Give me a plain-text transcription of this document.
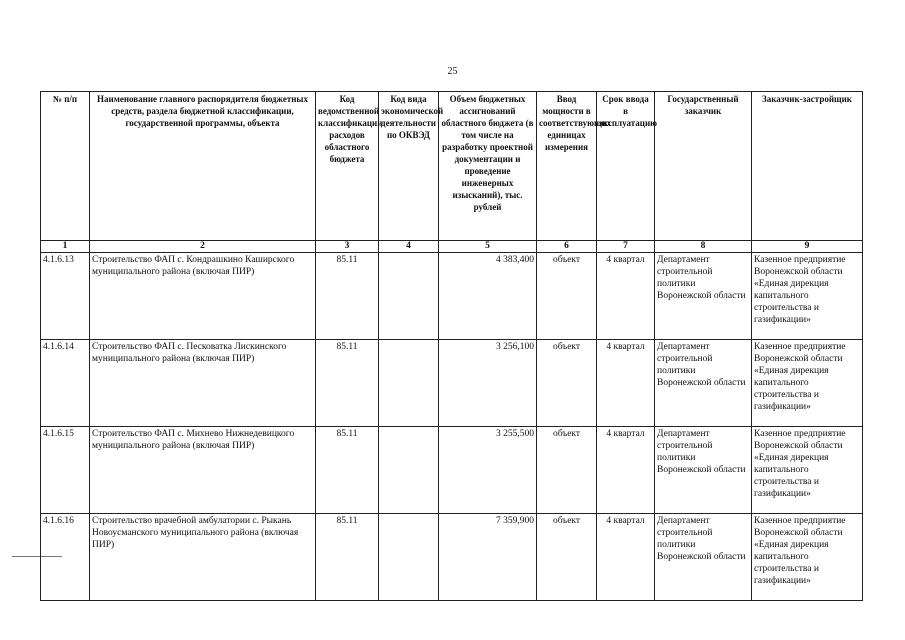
25
№ п/п	Наименование главного распорядителя бюджетных средств, раздела бюджетной классификации, государственной программы, объекта	Код ведомственной классификации расходов областного бюджета	Код вида экономической деятельности по ОКВЭД	Объем бюджетных ассигнований областного бюджета (в том числе на разработку проектной документации и проведение инженерных изысканий), тыс. рублей	Ввод мощности в соответствующих единицах измерения	Срок ввода в эксплуатацию	Государственный заказчик	Заказчик-застройщик
1	2	3	4	5	6	7	8	9
4.1.6.13	Строительство ФАП с. Кондрашкино Каширского муниципального района (включая ПИР)	85.11		4 383,400	объект	4 квартал	Департамент строительной политики Воронежской области	Казенное предприятие Воронежской области «Единая дирекция капитального строительства и газификации»
4.1.6.14	Строительство ФАП с. Песковатка Лискинского муниципального района (включая ПИР)	85.11		3 256,100	объект	4 квартал	Департамент строительной политики Воронежской области	Казенное предприятие Воронежской области «Единая дирекция капитального строительства и газификации»
4.1.6.15	Строительство ФАП с. Михнево Нижнедевицкого муниципального района (включая ПИР)	85.11		3 255,500	объект	4 квартал	Департамент строительной политики Воронежской области	Казенное предприятие Воронежской области «Единая дирекция капитального строительства и газификации»
4.1.6.16	Строительство врачебной амбулатории с. Рыкань Новоусманского муниципального района (включая ПИР)	85.11		7 359,900	объект	4 квартал	Департамент строительной политики Воронежской области	Казенное предприятие Воронежской области «Единая дирекция капитального строительства и газификации»
